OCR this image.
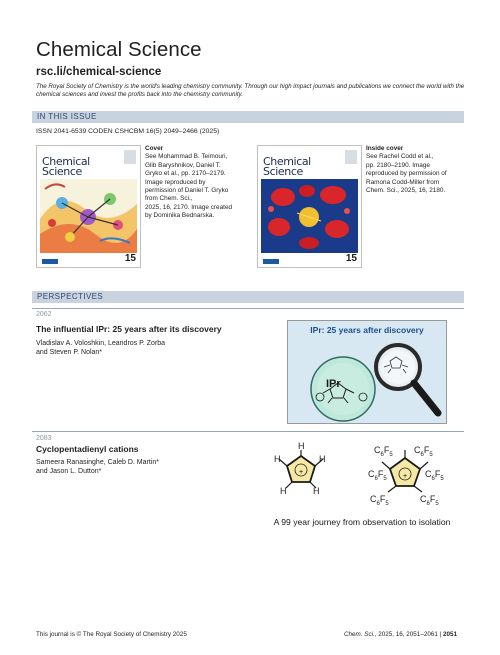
Chemical Science
rsc.li/chemical-science
The Royal Society of Chemistry is the world's leading chemistry community. Through our high impact journals and publications we connect the world with the chemical sciences and invest the profits back into the chemistry community.
IN THIS ISSUE
ISSN 2041-6539 CODEN CSHCBM 16(5) 2049–2466 (2025)
Chemical
Science
15
Cover
See Mohammad B. Teimouri,
Glib Baryshnikov, Daniel T.
Gryko et al., pp. 2170–2179.
Image reproduced by
permission of Daniel T. Gryko
from Chem. Sci.,
2025, 16, 2170. Image created
by Dominika Bednarska.
Chemical
Science
15
Inside cover
See Rachel Codd et al.,
pp. 2180–2190. Image
reproduced by permission of
Ramona Codd-Miller from
Chem. Sci., 2025, 16, 2180.
PERSPECTIVES
2062
The influential IPr: 25 years after its discovery
Vladislav A. Voloshkin, Leandros P. Zorba
and Steven P. Nolan*
IPr: 25 years after discovery
IPr
2083
Cyclopentadienyl cations
Sameera Ranasinghe, Caleb D. Martin*
and Jason L. Dutton*	+
H	H
H
H	H
+
$C_6F_5$ $C_6F_5$
$C_6F_5$	$C_6F_5$
$C_6F_5$	$C_6F_5$
A 99 year journey from observation to isolation
This journal is © The Royal Society of Chemistry 2025	Chem. Sci., 2025, 16, 2051–2061 | 2051
